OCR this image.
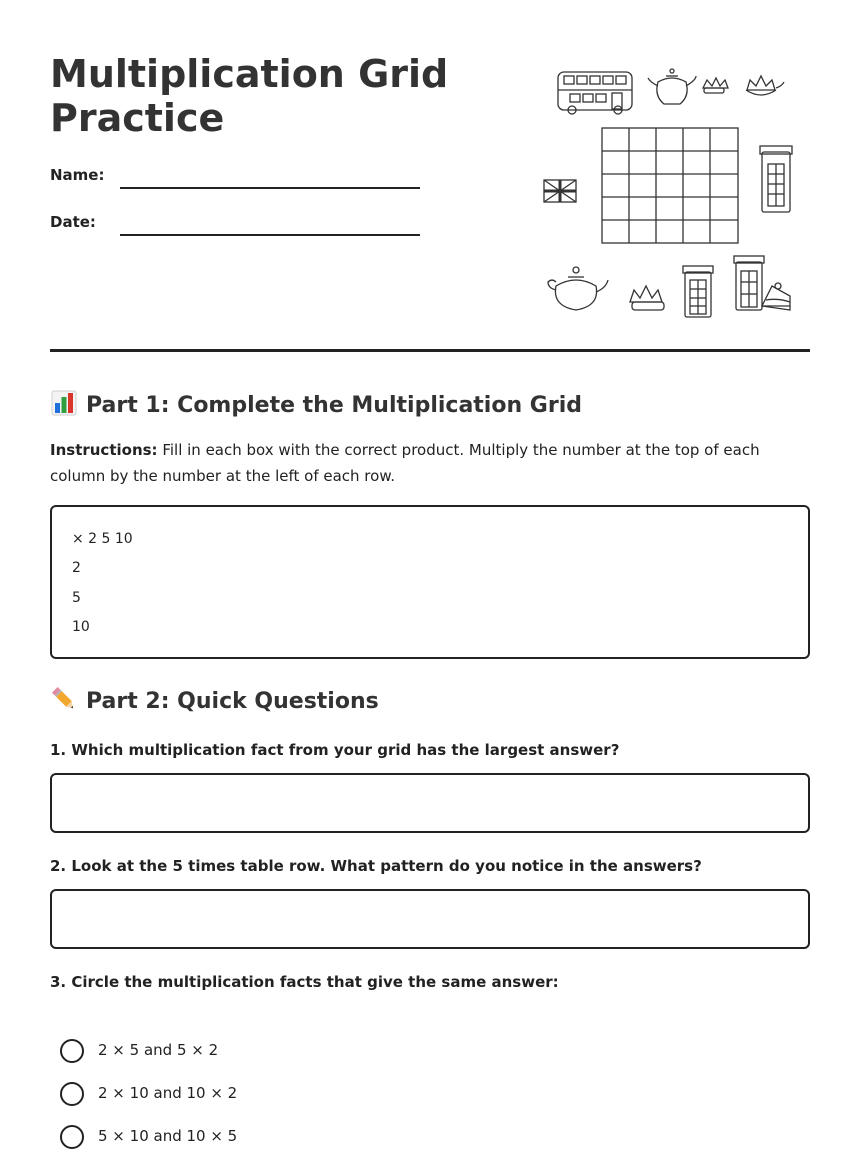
Multiplication Grid
Practice
Name:
Date:
Part 1: Complete the Multiplication Grid

Instructions: Fill in each box with the correct product. Multiply the number at the top of each column by the number at the left of each row.

× 2 5 10
2
5
10
Part 2: Quick Questions

1. Which multiplication fact from your grid has the largest answer?

2. Look at the 5 times table row. What pattern do you notice in the answers?

3. Circle the multiplication facts that give the same answer:

2 × 5 and 5 × 2
2 × 10 and 10 × 2
5 × 10 and 10 × 5
